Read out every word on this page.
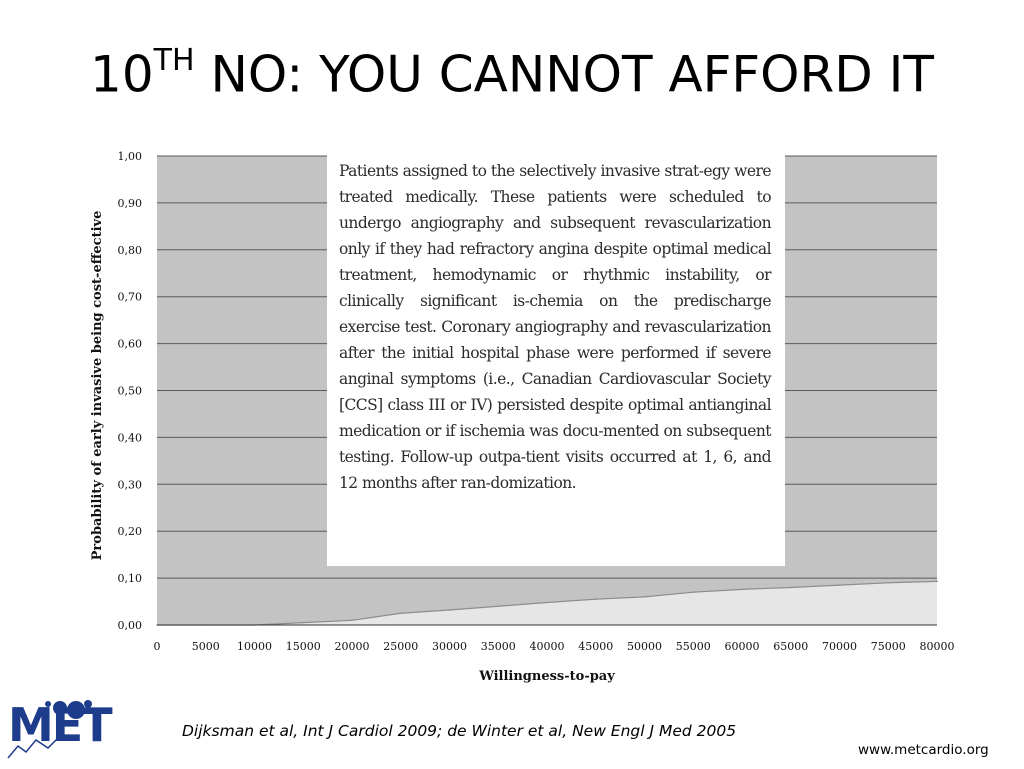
10TH NO: YOU CANNOT AFFORD IT
0,00
0,10
0,20
0,30
0,40
0,50
0,60
0,70
0,80
0,90
1,00
0	5000 10000 15000 20000 25000 30000 35000 40000 45000 50000 55000 60000 65000 70000 75000 80000
Willingness-to-pay
Probability of early invasive being cost-effective

Patients assigned to the selectively invasive strat-egy were treated medically. These patients were scheduled to undergo angiography and subsequent revascularization only if they had refractory angina despite optimal medical treatment, hemodynamic or rhythmic instability, or clinically significant is-chemia on the predischarge exercise test. Coronary angiography and revascularization after the initial hospital phase were performed if severe anginal symptoms (i.e., Canadian Cardiovascular Society [CCS] class III or IV) persisted despite optimal antianginal medication or if ischemia was docu-mented on subsequent testing. Follow-up outpa-tient visits occurred at 1, 6, and 12 months after ran-domization.

MET	Dijksman et al, Int J Cardiol 2009; de Winter et al, New Engl J Med 2005

www.metcardio.org
